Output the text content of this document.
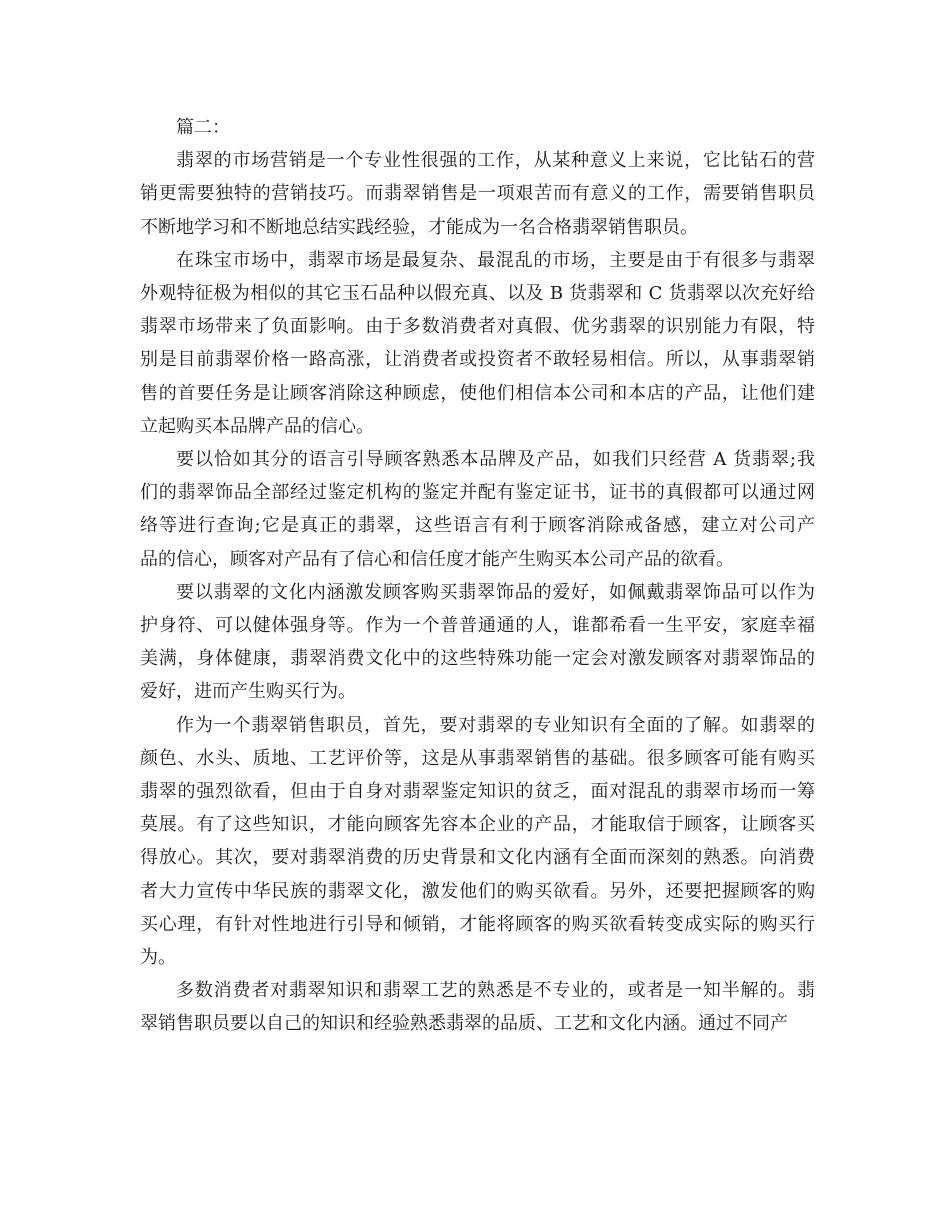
篇二：

翡翠的市场营销是一个专业性很强的工作，从某种意义上来说，它比钻石的营
销更需要独特的营销技巧。而翡翠销售是一项艰苦而有意义的工作，需要销售职员
不断地学习和不断地总结实践经验，才能成为一名合格翡翠销售职员。
在珠宝市场中，翡翠市场是最复杂、最混乱的市场，主要是由于有很多与翡翠
外观特征极为相似的其它玉石品种以假充真、以及 B 货翡翠和 C 货翡翠以次充好给
翡翠市场带来了负面影响。由于多数消费者对真假、优劣翡翠的识别能力有限，特
别是目前翡翠价格一路高涨，让消费者或投资者不敢轻易相信。所以，从事翡翠销
售的首要任务是让顾客消除这种顾虑，使他们相信本公司和本店的产品，让他们建
立起购买本品牌产品的信心。
要以恰如其分的语言引导顾客熟悉本品牌及产品，如我们只经营 A 货翡翠;我
们的翡翠饰品全部经过鉴定机构的鉴定并配有鉴定证书，证书的真假都可以通过网
络等进行查询;它是真正的翡翠，这些语言有利于顾客消除戒备感，建立对公司产
品的信心，顾客对产品有了信心和信任度才能产生购买本公司产品的欲看。
要以翡翠的文化内涵激发顾客购买翡翠饰品的爱好，如佩戴翡翠饰品可以作为
护身符、可以健体强身等。作为一个普普通通的人，谁都希看一生平安，家庭幸福
美满，身体健康，翡翠消费文化中的这些特殊功能一定会对激发顾客对翡翠饰品的
爱好，进而产生购买行为。
作为一个翡翠销售职员，首先，要对翡翠的专业知识有全面的了解。如翡翠的
颜色、水头、质地、工艺评价等，这是从事翡翠销售的基础。很多顾客可能有购买
翡翠的强烈欲看，但由于自身对翡翠鉴定知识的贫乏，面对混乱的翡翠市场而一筹
莫展。有了这些知识，才能向顾客先容本企业的产品，才能取信于顾客，让顾客买
得放心。其次，要对翡翠消费的历史背景和文化内涵有全面而深刻的熟悉。向消费
者大力宣传中华民族的翡翠文化，激发他们的购买欲看。另外，还要把握顾客的购
买心理，有针对性地进行引导和倾销，才能将顾客的购买欲看转变成实际的购买行
为。
多数消费者对翡翠知识和翡翠工艺的熟悉是不专业的，或者是一知半解的。翡
翠销售职员要以自己的知识和经验熟悉翡翠的品质、工艺和文化内涵。通过不同产
